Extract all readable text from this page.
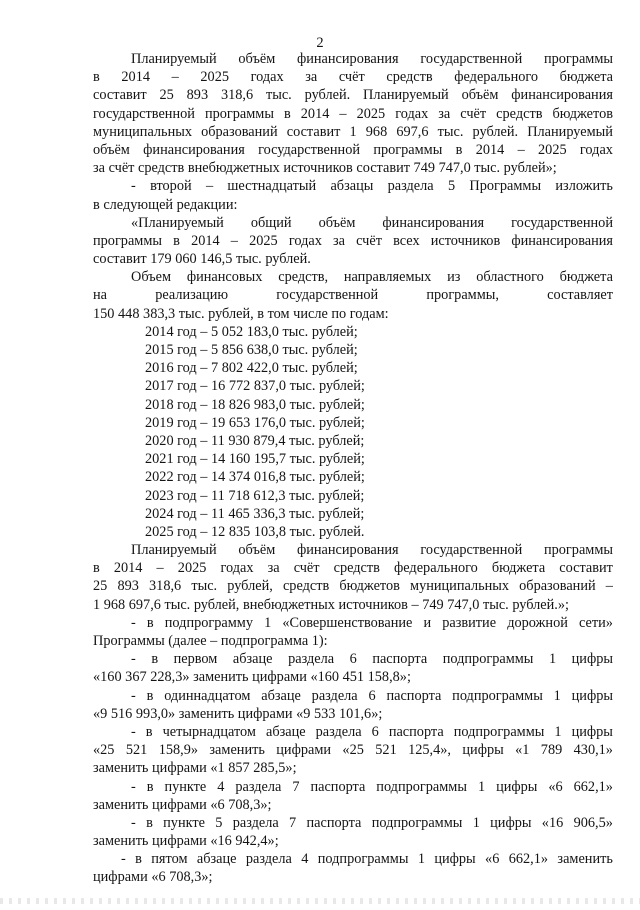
2
Планируемый объём финансирования государственной программы
в 2014 – 2025 годах за счёт средств федерального бюджета
составит 25 893 318,6 тыс. рублей. Планируемый объём финансирования
государственной программы в 2014 – 2025 годах за счёт средств бюджетов
муниципальных образований составит 1 968 697,6 тыс. рублей. Планируемый
объём финансирования государственной программы в 2014 – 2025 годах
за счёт средств внебюджетных источников составит 749 747,0 тыс. рублей»;
- второй – шестнадцатый абзацы раздела 5 Программы изложить
в следующей редакции:
«Планируемый общий объём финансирования государственной
программы в 2014 – 2025 годах за счёт всех источников финансирования
составит 179 060 146,5 тыс. рублей.
Объем финансовых средств, направляемых из областного бюджета
на	реализацию	государственной	программы,	составляет
150 448 383,3 тыс. рублей, в том числе по годам:
2014 год – 5 052 183,0 тыс. рублей;
2015 год – 5 856 638,0 тыс. рублей;
2016 год – 7 802 422,0 тыс. рублей;
2017 год – 16 772 837,0 тыс. рублей;
2018 год – 18 826 983,0 тыс. рублей;
2019 год – 19 653 176,0 тыс. рублей;
2020 год – 11 930 879,4 тыс. рублей;
2021 год – 14 160 195,7 тыс. рублей;
2022 год – 14 374 016,8 тыс. рублей;
2023 год – 11 718 612,3 тыс. рублей;
2024 год – 11 465 336,3 тыс. рублей;
2025 год – 12 835 103,8 тыс. рублей.
Планируемый объём финансирования государственной программы
в 2014 – 2025 годах за счёт средств федерального бюджета составит
25 893 318,6 тыс. рублей, средств бюджетов муниципальных образований –
1 968 697,6 тыс. рублей, внебюджетных источников – 749 747,0 тыс. рублей.»;
- в подпрограмму 1 «Совершенствование и развитие дорожной сети»
Программы (далее – подпрограмма 1):
- в первом абзаце раздела 6 паспорта подпрограммы 1 цифры
«160 367 228,3» заменить цифрами «160 451 158,8»;
- в одиннадцатом абзаце раздела 6 паспорта подпрограммы 1 цифры
«9 516 993,0» заменить цифрами «9 533 101,6»;
- в четырнадцатом абзаце раздела 6 паспорта подпрограммы 1 цифры
«25 521 158,9» заменить цифрами «25 521 125,4», цифры «1 789 430,1»
заменить цифрами «1 857 285,5»;
- в пункте 4 раздела 7 паспорта подпрограммы 1 цифры «6 662,1»
заменить цифрами «6 708,3»;
- в пункте 5 раздела 7 паспорта подпрограммы 1 цифры «16 906,5»
заменить цифрами «16 942,4»;
- в пятом абзаце раздела 4 подпрограммы 1 цифры «6 662,1» заменить
цифрами «6 708,3»;
